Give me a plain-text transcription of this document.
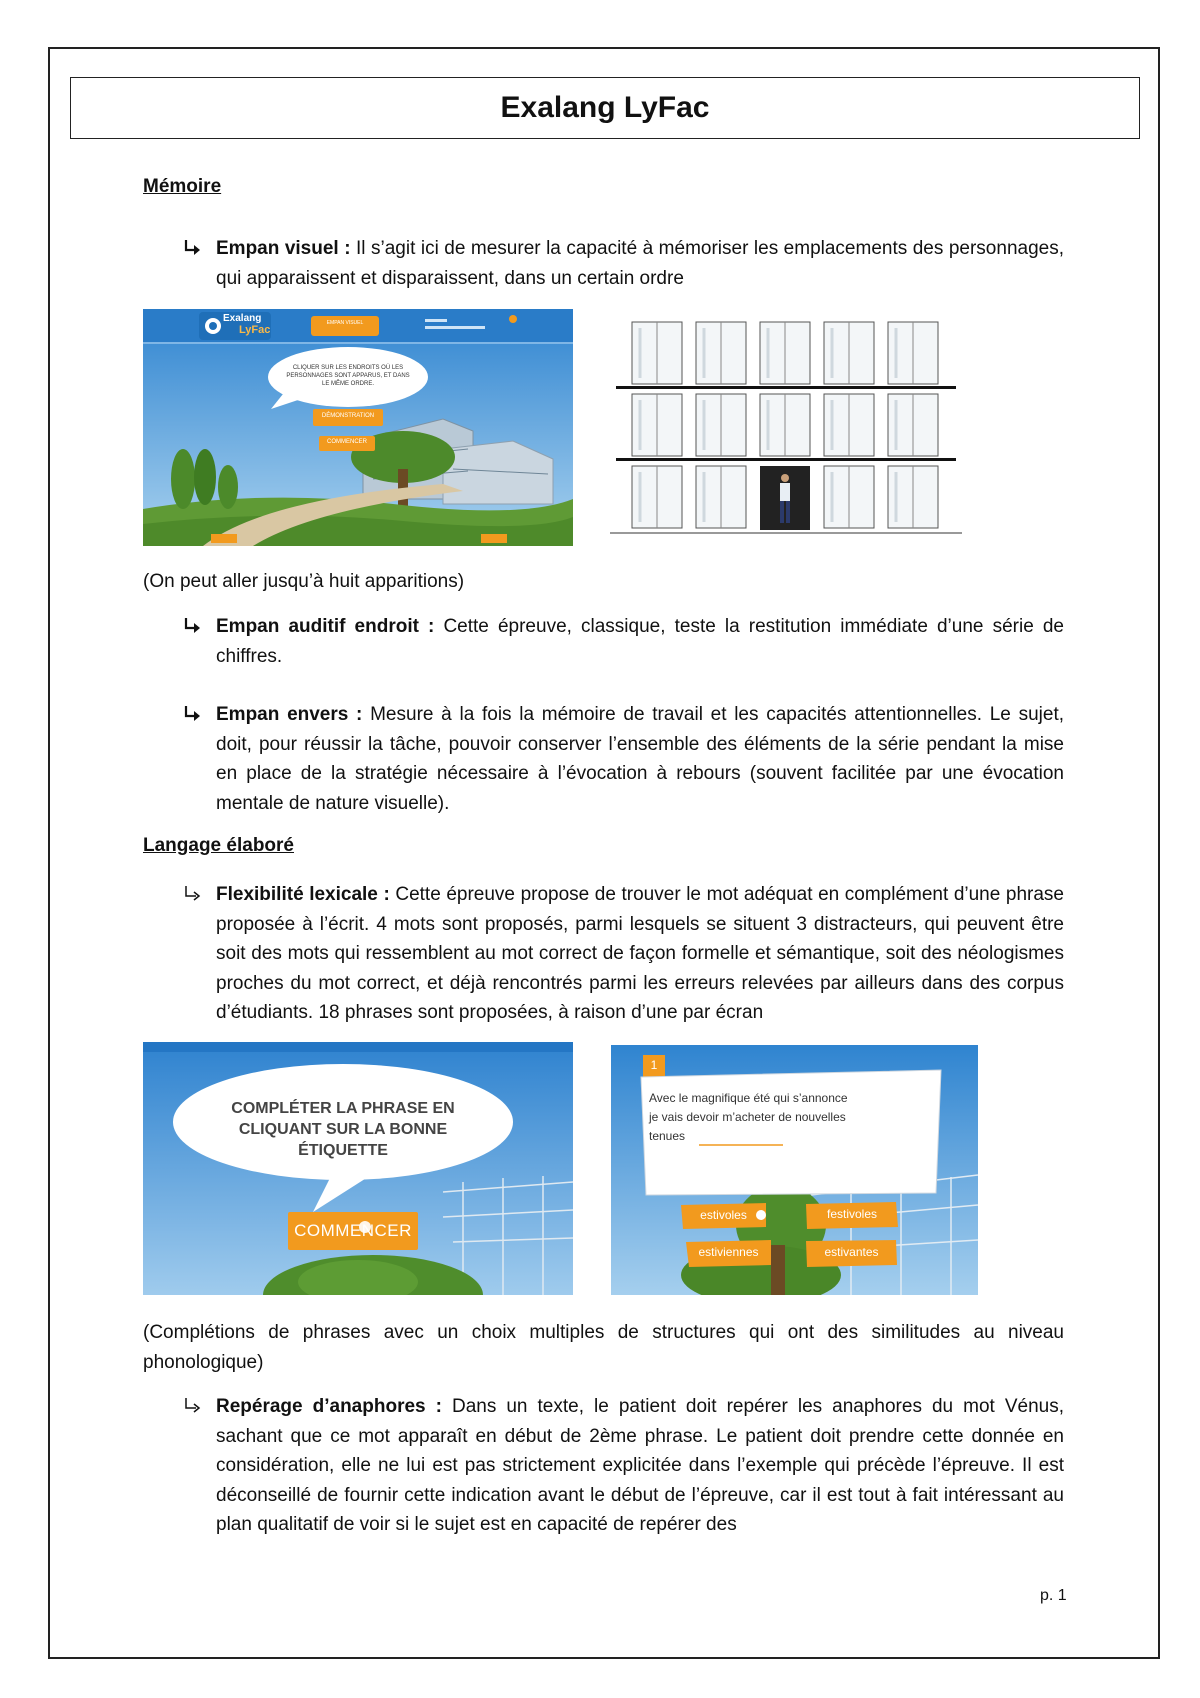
Exalang LyFac
Mémoire
Empan visuel : Il s’agit ici de mesurer la capacité à mémoriser les emplacements des personnages, qui apparaissent et disparaissent, dans un certain ordre
Exalang
LyFac
EMPAN VISUEL
CLIQUER SUR LES ENDROITS OÙ LES PERSONNAGES SONT APPARUS, ET DANS LE MÊME ORDRE.
DÉMONSTRATION
COMMENCER
(On peut aller jusqu’à huit apparitions)
Empan auditif endroit : Cette épreuve, classique, teste la restitution immédiate d’une série de chiffres.
Empan envers : Mesure à la fois la mémoire de travail et les capacités attentionnelles. Le sujet, doit, pour réussir la tâche, pouvoir conserver l’ensemble des éléments de la série pendant la mise en place de la stratégie nécessaire à l’évocation à rebours (souvent facilitée par une évocation mentale de nature visuelle).
Langage élaboré
Flexibilité lexicale : Cette épreuve propose de trouver le mot adéquat en complément d’une phrase proposée à l’écrit. 4 mots sont proposés, parmi lesquels se situent 3 distracteurs, qui peuvent être soit des mots qui ressemblent au mot correct de façon formelle et sémantique, soit des néologismes proches du mot correct, et déjà rencontrés parmi les erreurs relevées par ailleurs dans des corpus d’étudiants. 18 phrases sont proposées, à raison d’une par écran
COMPLÉTER LA PHRASE EN CLIQUANT SUR LA BONNE ÉTIQUETTE
COMMENCER
1
Avec le magnifique été qui s’annonce
je vais devoir m’acheter de nouvelles
tenues
estivoles	festivoles
estiviennes	estivantes
(Complétions de phrases avec un choix multiples de structures qui ont des similitudes au niveau phonologique)
Repérage d’anaphores : Dans un texte, le patient doit repérer les anaphores du mot Vénus, sachant que ce mot apparaît en début de 2ème phrase. Le patient doit prendre cette donnée en considération, elle ne lui est pas strictement explicitée dans l’exemple qui précède l’épreuve. Il est déconseillé de fournir cette indication avant le début de l’épreuve, car il est tout à fait intéressant au plan qualitatif de voir si le sujet est en capacité de repérer des
p. 1
